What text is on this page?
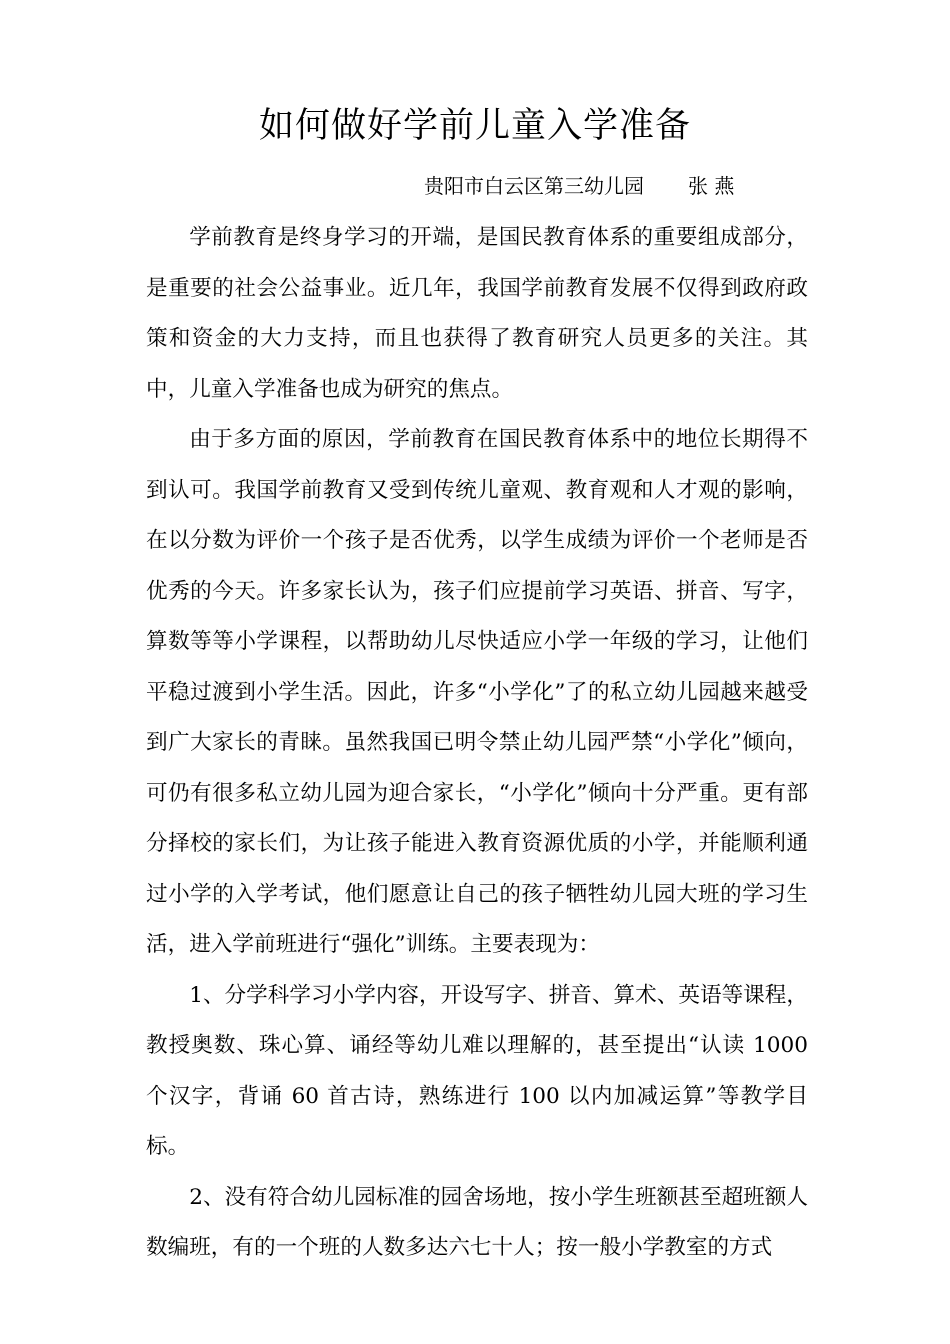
如何做好学前儿童入学准备
贵阳市白云区第三幼儿园 张 燕

学前教育是终身学习的开端，是国民教育体系的重要组成部分，是重要的社会公益事业。近几年，我国学前教育发展不仅得到政府政策和资金的大力支持，而且也获得了教育研究人员更多的关注。其中，儿童入学准备也成为研究的焦点。

由于多方面的原因，学前教育在国民教育体系中的地位长期得不到认可。我国学前教育又受到传统儿童观、教育观和人才观的影响，在以分数为评价一个孩子是否优秀，以学生成绩为评价一个老师是否优秀的今天。许多家长认为，孩子们应提前学习英语、拼音、写字，算数等等小学课程，以帮助幼儿尽快适应小学一年级的学习，让他们平稳过渡到小学生活。因此，许多“小学化”了的私立幼儿园越来越受到广大家长的青睐。虽然我国已明令禁止幼儿园严禁“小学化”倾向，可仍有很多私立幼儿园为迎合家长，“小学化”倾向十分严重。更有部分择校的家长们，为让孩子能进入教育资源优质的小学，并能顺利通过小学的入学考试，他们愿意让自己的孩子牺牲幼儿园大班的学习生活，进入学前班进行“强化”训练。主要表现为：

1、分学科学习小学内容，开设写字、拼音、算术、英语等课程，教授奥数、珠心算、诵经等幼儿难以理解的，甚至提出“认读 1000 个汉字，背诵 60 首古诗，熟练进行 100 以内加减运算”等教学目标。

2、没有符合幼儿园标准的园舍场地，按小学生班额甚至超班额人数编班，有的一个班的人数多达六七十人；按一般小学教室的方式
